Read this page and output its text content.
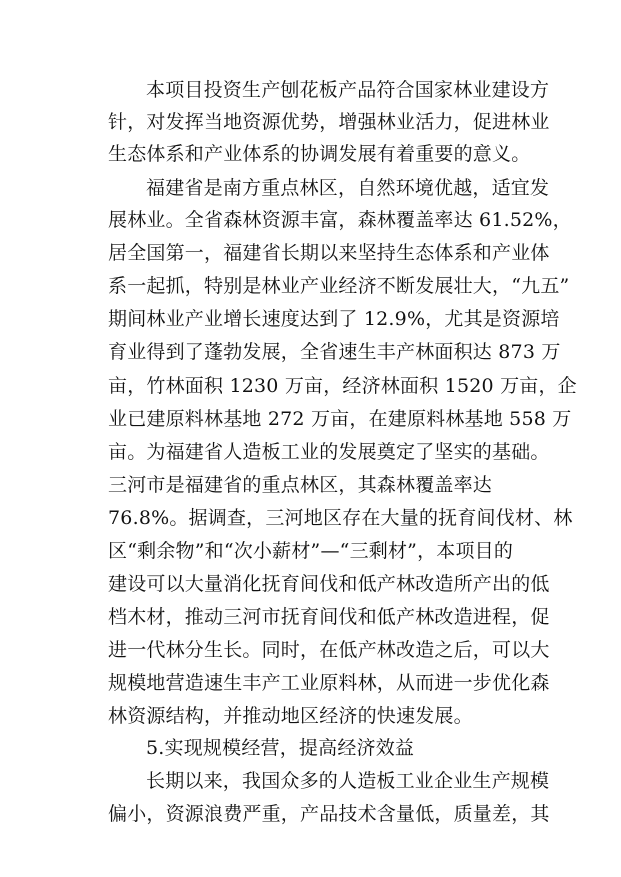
本项目投资生产刨花板产品符合国家林业建设方
针，对发挥当地资源优势，增强林业活力，促进林业
生态体系和产业体系的协调发展有着重要的意义。
福建省是南方重点林区，自然环境优越，适宜发
展林业。全省森林资源丰富，森林覆盖率达 61.52%，
居全国第一，福建省长期以来坚持生态体系和产业体
系一起抓，特别是林业产业经济不断发展壮大，“九五”
期间林业产业增长速度达到了 12.9%，尤其是资源培
育业得到了蓬勃发展，全省速生丰产林面积达 873 万
亩，竹林面积 1230 万亩，经济林面积 1520 万亩，企
业已建原料林基地 272 万亩，在建原料林基地 558 万
亩。为福建省人造板工业的发展奠定了坚实的基础。
三河市是福建省的重点林区，其森林覆盖率达
76.8%。据调查，三河地区存在大量的抚育间伐材、林
区“剩余物”和“次小薪材”—“三剩材”，本项目的
建设可以大量消化抚育间伐和低产林改造所产出的低
档木材，推动三河市抚育间伐和低产林改造进程，促
进一代林分生长。同时，在低产林改造之后，可以大
规模地营造速生丰产工业原料林，从而进一步优化森
林资源结构，并推动地区经济的快速发展。
5.实现规模经营，提高经济效益
长期以来，我国众多的人造板工业企业生产规模
偏小，资源浪费严重，产品技术含量低，质量差，其
